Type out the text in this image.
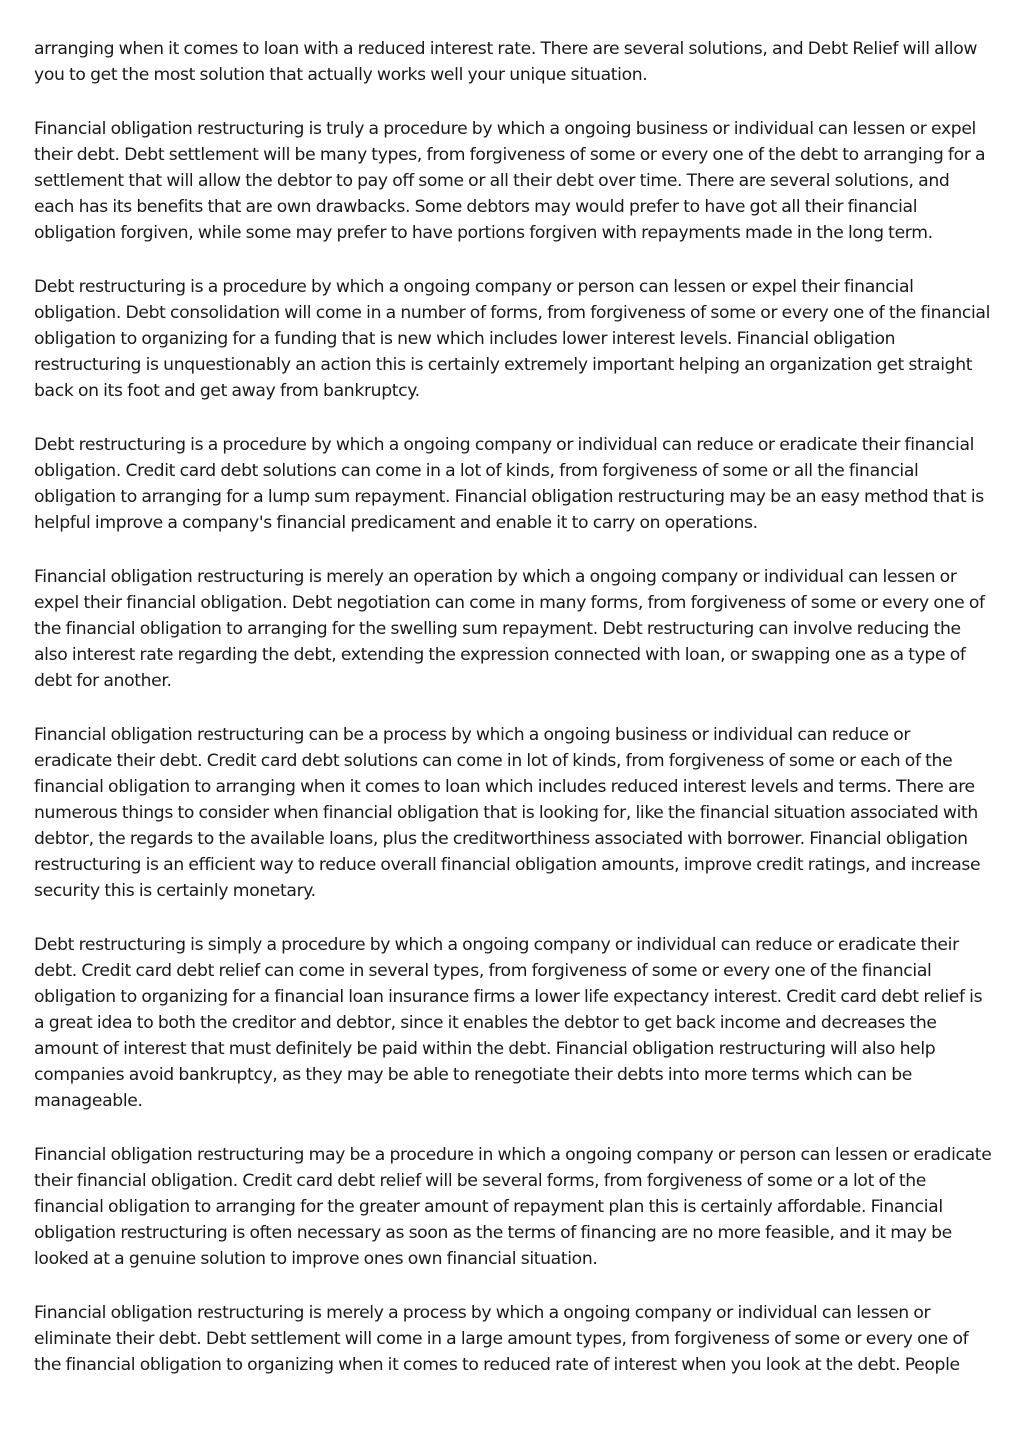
arranging when it comes to loan with a reduced interest rate. There are several solutions, and Debt Relief will allow you to get the most solution that actually works well your unique situation.

Financial obligation restructuring is truly a procedure by which a ongoing business or individual can lessen or expel their debt. Debt settlement will be many types, from forgiveness of some or every one of the debt to arranging for a settlement that will allow the debtor to pay off some or all their debt over time. There are several solutions, and each has its benefits that are own drawbacks. Some debtors may would prefer to have got all their financial obligation forgiven, while some may prefer to have portions forgiven with repayments made in the long term.

Debt restructuring is a procedure by which a ongoing company or person can lessen or expel their financial obligation. Debt consolidation will come in a number of forms, from forgiveness of some or every one of the financial obligation to organizing for a funding that is new which includes lower interest levels. Financial obligation restructuring is unquestionably an action this is certainly extremely important helping an organization get straight back on its foot and get away from bankruptcy.

Debt restructuring is a procedure by which a ongoing company or individual can reduce or eradicate their financial obligation. Credit card debt solutions can come in a lot of kinds, from forgiveness of some or all the financial obligation to arranging for a lump sum repayment. Financial obligation restructuring may be an easy method that is helpful improve a company's financial predicament and enable it to carry on operations.

Financial obligation restructuring is merely an operation by which a ongoing company or individual can lessen or expel their financial obligation. Debt negotiation can come in many forms, from forgiveness of some or every one of the financial obligation to arranging for the swelling sum repayment. Debt restructuring can involve reducing the also interest rate regarding the debt, extending the expression connected with loan, or swapping one as a type of debt for another.

Financial obligation restructuring can be a process by which a ongoing business or individual can reduce or eradicate their debt. Credit card debt solutions can come in lot of kinds, from forgiveness of some or each of the financial obligation to arranging when it comes to loan which includes reduced interest levels and terms. There are numerous things to consider when financial obligation that is looking for, like the financial situation associated with debtor, the regards to the available loans, plus the creditworthiness associated with borrower. Financial obligation restructuring is an efficient way to reduce overall financial obligation amounts, improve credit ratings, and increase security this is certainly monetary.

Debt restructuring is simply a procedure by which a ongoing company or individual can reduce or eradicate their debt. Credit card debt relief can come in several types, from forgiveness of some or every one of the financial obligation to organizing for a financial loan insurance firms a lower life expectancy interest. Credit card debt relief is a great idea to both the creditor and debtor, since it enables the debtor to get back income and decreases the amount of interest that must definitely be paid within the debt. Financial obligation restructuring will also help companies avoid bankruptcy, as they may be able to renegotiate their debts into more terms which can be manageable.

Financial obligation restructuring may be a procedure in which a ongoing company or person can lessen or eradicate their financial obligation. Credit card debt relief will be several forms, from forgiveness of some or a lot of the financial obligation to arranging for the greater amount of repayment plan this is certainly affordable. Financial obligation restructuring is often necessary as soon as the terms of financing are no more feasible, and it may be looked at a genuine solution to improve ones own financial situation.

Financial obligation restructuring is merely a process by which a ongoing company or individual can lessen or eliminate their debt. Debt settlement will come in a large amount types, from forgiveness of some or every one of the financial obligation to organizing when it comes to reduced rate of interest when you look at the debt. People
